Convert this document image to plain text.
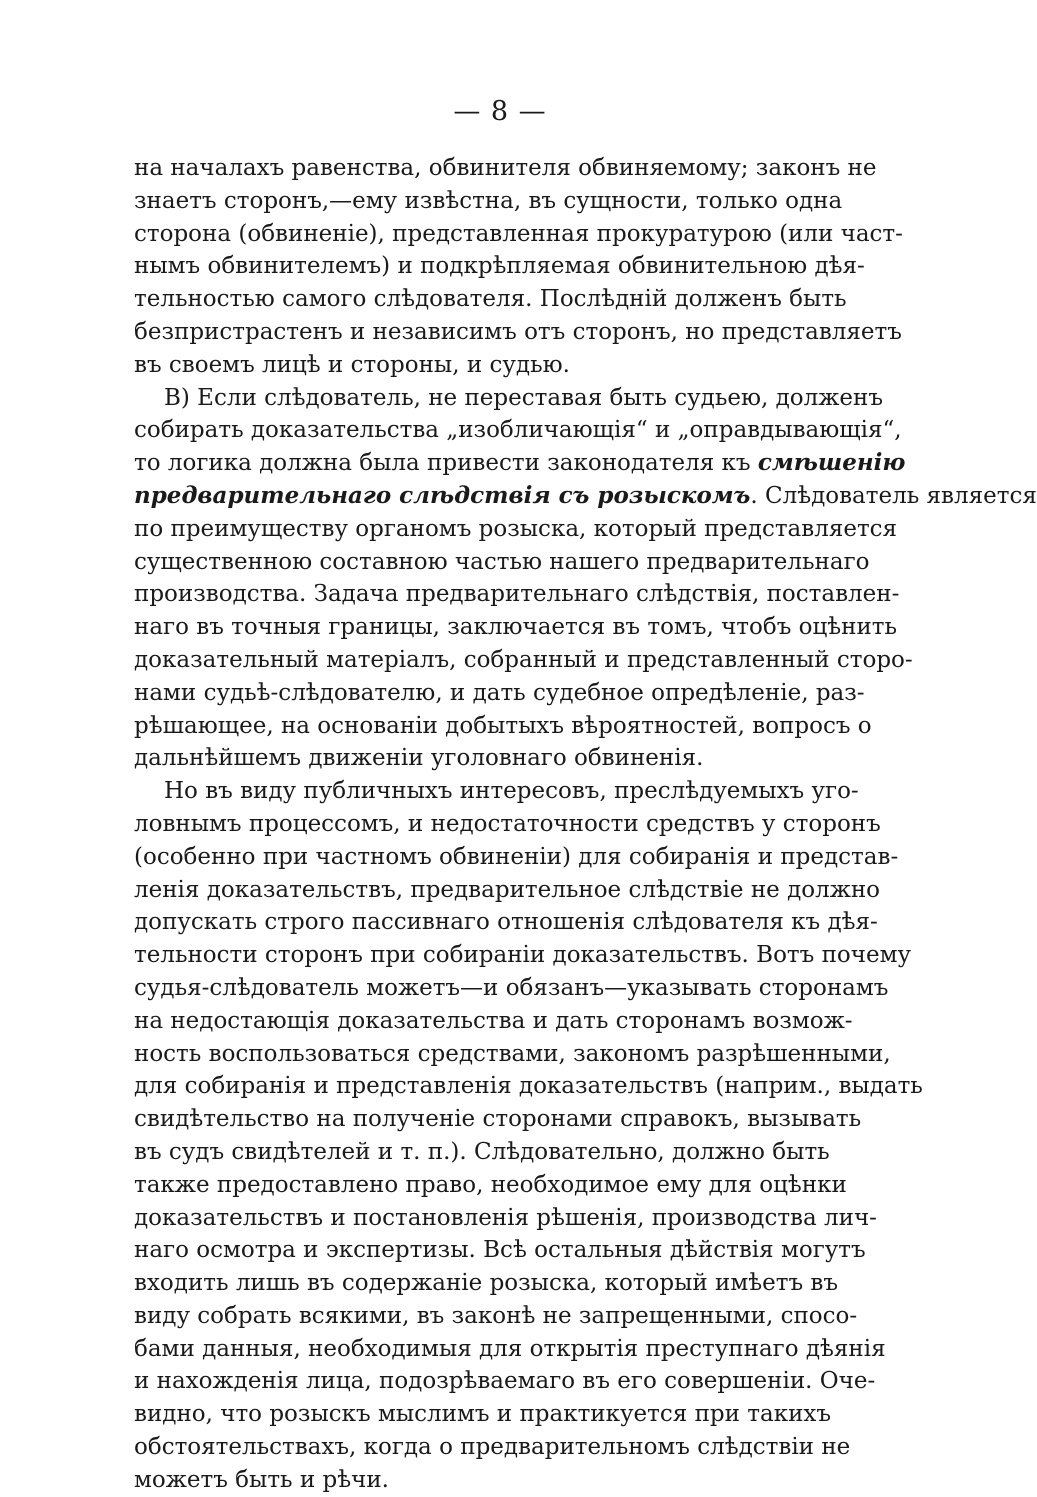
— 8 —
на началахъ равенства, обвинителя обвиняемому; законъ не
знаетъ сторонъ,—ему извѣстна, въ сущности, только одна
сторона (обвиненіе), представленная прокуратурою (или част-
нымъ обвинителемъ) и подкрѣпляемая обвинительною дѣя-
тельностью самого слѣдователя. Послѣдній долженъ быть
безпристрастенъ и независимъ отъ сторонъ, но представляетъ
въ своемъ лицѣ и стороны, и судью.
В) Если слѣдователь, не переставая быть судьею, долженъ
собирать доказательства „изобличающія“ и „оправдывающія“,
то логика должна была привести законодателя къ смѣшенію
предварительнаго слѣдствія съ розыскомъ. Слѣдователь является
по преимуществу органомъ розыска, который представляется
существенною составною частью нашего предварительнаго
производства. Задача предварительнаго слѣдствія, поставлен-
наго въ точныя границы, заключается въ томъ, чтобъ оцѣнить
доказательный матеріалъ, собранный и представленный сторо-
нами судьѣ-слѣдователю, и дать судебное опредѣленіе, раз-
рѣшающее, на основаніи добытыхъ вѣроятностей, вопросъ о
дальнѣйшемъ движеніи уголовнаго обвиненія.
Но въ виду публичныхъ интересовъ, преслѣдуемыхъ уго-
ловнымъ процессомъ, и недостаточности средствъ у сторонъ
(особенно при частномъ обвиненіи) для собиранія и представ-
ленія доказательствъ, предварительное слѣдствіе не должно
допускать строго пассивнаго отношенія слѣдователя къ дѣя-
тельности сторонъ при собираніи доказательствъ. Вотъ почему
судья-слѣдователь можетъ—и обязанъ—указывать сторонамъ
на недостающія доказательства и дать сторонамъ возмож-
ность воспользоваться средствами, закономъ разрѣшенными,
для собиранія и представленія доказательствъ (наприм., выдать
свидѣтельство на полученіе сторонами справокъ, вызывать
въ судъ свидѣтелей и т. п.). Слѣдовательно, должно быть
также предоставлено право, необходимое ему для оцѣнки
доказательствъ и постановленія рѣшенія, производства лич-
наго осмотра и экспертизы. Всѣ остальныя дѣйствія могутъ
входить лишь въ содержаніе розыска, который имѣетъ въ
виду собрать всякими, въ законѣ не запрещенными, спосо-
бами данныя, необходимыя для открытія преступнаго дѣянія
и нахожденія лица, подозрѣваемаго въ его совершеніи. Оче-
видно, что розыскъ мыслимъ и практикуется при такихъ
обстоятельствахъ, когда о предварительномъ слѣдствіи не
можетъ быть и рѣчи.
